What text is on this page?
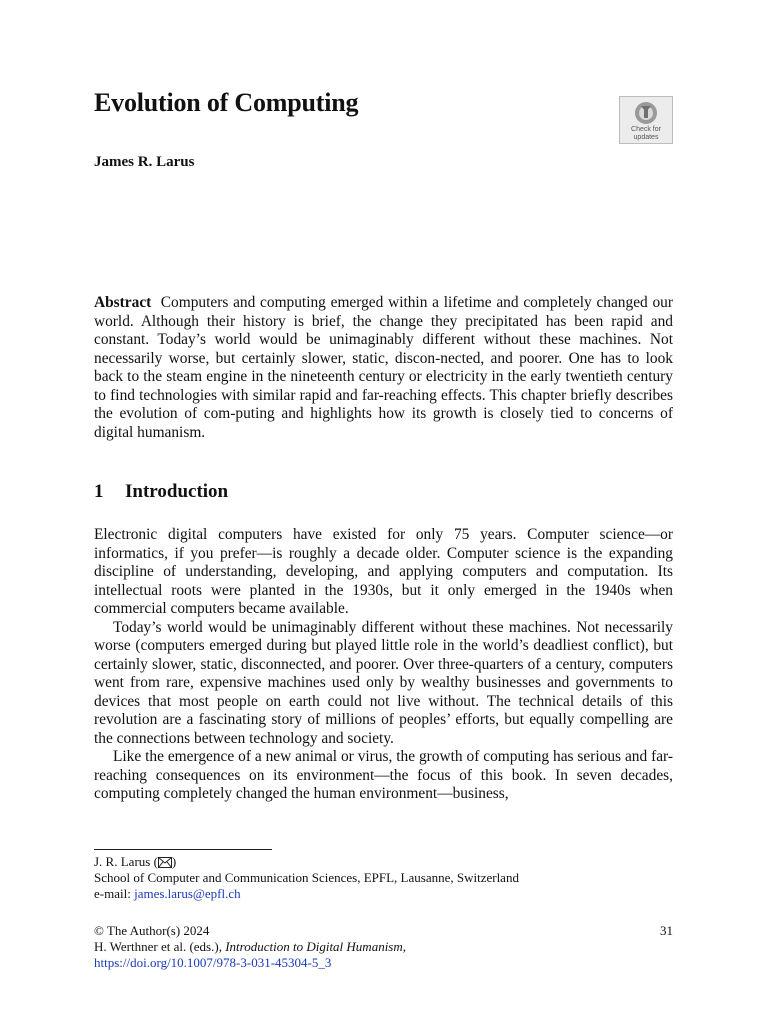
Evolution of Computing
Check for
updates
James R. Larus

Abstract Computers and computing emerged within a lifetime and completely changed our world. Although their history is brief, the change they precipitated has been rapid and constant. Today’s world would be unimaginably different without these machines. Not necessarily worse, but certainly slower, static, discon-nected, and poorer. One has to look back to the steam engine in the nineteenth century or electricity in the early twentieth century to find technologies with similar rapid and far-reaching effects. This chapter briefly describes the evolution of com-puting and highlights how its growth is closely tied to concerns of digital humanism.

1 Introduction

Electronic digital computers have existed for only 75 years. Computer science—or informatics, if you prefer—is roughly a decade older. Computer science is the expanding discipline of understanding, developing, and applying computers and computation. Its intellectual roots were planted in the 1930s, but it only emerged in the 1940s when commercial computers became available.

Today’s world would be unimaginably different without these machines. Not necessarily worse (computers emerged during but played little role in the world’s deadliest conflict), but certainly slower, static, disconnected, and poorer. Over three-quarters of a century, computers went from rare, expensive machines used only by wealthy businesses and governments to devices that most people on earth could not live without. The technical details of this revolution are a fascinating story of millions of peoples’ efforts, but equally compelling are the connections between technology and society.

Like the emergence of a new animal or virus, the growth of computing has serious and far-reaching consequences on its environment—the focus of this book. In seven decades, computing completely changed the human environment—business,

J. R. Larus ( )
School of Computer and Communication Sciences, EPFL, Lausanne, Switzerland
e-mail: james.larus@epfl.ch
© The Author(s) 2024	31
H. Werthner et al. (eds.), Introduction to Digital Humanism,
https://doi.org/10.1007/978-3-031-45304-5_3
